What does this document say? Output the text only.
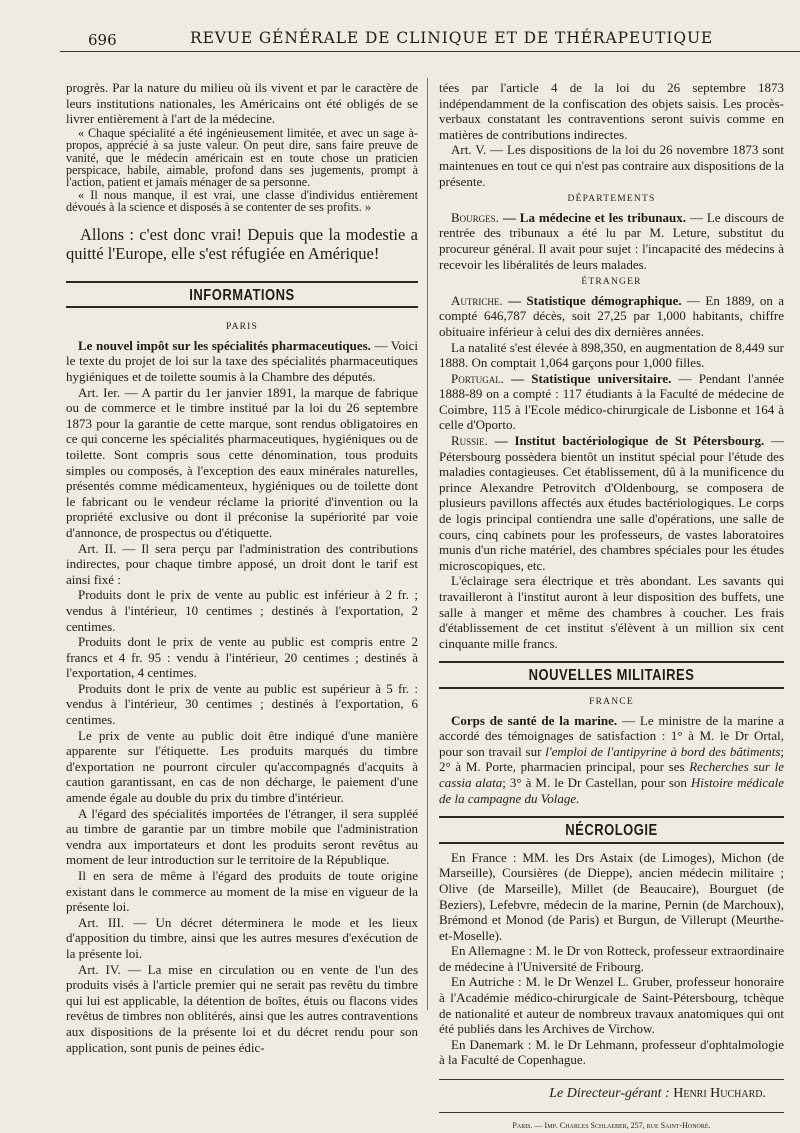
696	REVUE GÉNÉRALE DE CLINIQUE ET DE THÉRAPEUTIQUE

progrès. Par la nature du milieu où ils vivent et par le caractère de leurs institutions nationales, les Américains ont été obligés de se livrer entièrement à l'art de la médecine.

« Chaque spécialité a été ingénieusement limitée, et avec un sage à-propos, apprécié à sa juste valeur. On peut dire, sans faire preuve de vanité, que le médecin américain est en toute chose un praticien perspicace, habile, aimable, profond dans ses jugements, prompt à l'action, patient et jamais ménager de sa personne.

« Il nous manque, il est vrai, une classe d'individus entièrement dévoués à la science et disposés à se contenter de ses profits. »

Allons : c'est donc vrai! Depuis que la modestie a quitté l'Europe, elle s'est réfugiée en Amérique!

INFORMATIONS

PARIS

Le nouvel impôt sur les spécialités pharmaceutiques. — Voici le texte du projet de loi sur la taxe des spécialités pharmaceutiques hygiéniques et de toilette soumis à la Chambre des députés.

Art. Ier. — A partir du 1er janvier 1891, la marque de fabrique ou de commerce et le timbre institué par la loi du 26 septembre 1873 pour la garantie de cette marque, sont rendus obligatoires en ce qui concerne les spécialités pharmaceutiques, hygiéniques ou de toilette. Sont compris sous cette dénomination, tous produits simples ou composés, à l'exception des eaux minérales naturelles, présentés comme médicamenteux, hygiéniques ou de toilette dont le fabricant ou le vendeur réclame la priorité d'invention ou la propriété exclusive ou dont il préconise la supériorité par voie d'annonce, de prospectus ou d'étiquette.

Art. II. — Il sera perçu par l'administration des contributions indirectes, pour chaque timbre apposé, un droit dont le tarif est ainsi fixé :

Produits dont le prix de vente au public est inférieur à 2 fr. ; vendus à l'intérieur, 10 centimes ; destinés à l'exportation, 2 centimes.

Produits dont le prix de vente au public est compris entre 2 francs et 4 fr. 95 : vendu à l'intérieur, 20 centimes ; destinés à l'exportation, 4 centimes.

Produits dont le prix de vente au public est supérieur à 5 fr. : vendus à l'intérieur, 30 centimes ; destinés à l'exportation, 6 centimes.

Le prix de vente au public doit être indiqué d'une manière apparente sur l'étiquette. Les produits marqués du timbre d'exportation ne pourront circuler qu'accompagnés d'acquits à caution garantissant, en cas de non décharge, le paiement d'une amende égale au double du prix du timbre d'intérieur.

A l'égard des spécialités importées de l'étranger, il sera suppléé au timbre de garantie par un timbre mobile que l'administration vendra aux importateurs et dont les produits seront revêtus au moment de leur introduction sur le territoire de la République.

Il en sera de même à l'égard des produits de toute origine existant dans le commerce au moment de la mise en vigueur de la présente loi.

Art. III. — Un décret déterminera le mode et les lieux d'apposition du timbre, ainsi que les autres mesures d'exécution de la présente loi.

Art. IV. — La mise en circulation ou en vente de l'un des produits visés à l'article premier qui ne serait pas revêtu du timbre qui lui est applicable, la détention de boîtes, étuis ou flacons vides revêtus de timbres non oblitérés, ainsi que les autres contraventions aux dispositions de la présente loi et du décret rendu pour son application, sont punis de peines édic-

tées par l'article 4 de la loi du 26 septembre 1873 indépendamment de la confiscation des objets saisis. Les procès-verbaux constatant les contraventions seront suivis comme en matières de contributions indirectes.

Art. V. — Les dispositions de la loi du 26 novembre 1873 sont maintenues en tout ce qui n'est pas contraire aux dispositions de la présente.

DÉPARTEMENTS

Bourges. — La médecine et les tribunaux. — Le discours de rentrée des tribunaux a été lu par M. Leture, substitut du procureur général. Il avait pour sujet : l'incapacité des médecins à recevoir les libéralités de leurs malades.

ÉTRANGER

Autriche. — Statistique démographique. — En 1889, on a compté 646,787 décès, soit 27,25 par 1,000 habitants, chiffre obituaire inférieur à celui des dix dernières années.

La natalité s'est élevée à 898,350, en augmentation de 8,449 sur 1888. On comptait 1,064 garçons pour 1,000 filles.

Portugal. — Statistique universitaire. — Pendant l'année 1888-89 on a compté : 117 étudiants à la Faculté de médecine de Coimbre, 115 à l'Ecole médico-chirurgicale de Lisbonne et 164 à celle d'Oporto.

Russie. — Institut bactériologique de St Pétersbourg. — Pétersbourg possèdera bientôt un institut spécial pour l'étude des maladies contagieuses. Cet établissement, dû à la munificence du prince Alexandre Petrovitch d'Oldenbourg, se composera de plusieurs pavillons affectés aux études bactériologiques. Le corps de logis principal contiendra une salle d'opérations, une salle de cours, cinq cabinets pour les professeurs, de vastes laboratoires munis d'un riche matériel, des chambres spéciales pour les études microscopiques, etc.

L'éclairage sera électrique et très abondant. Les savants qui travailleront à l'institut auront à leur disposition des buffets, une salle à manger et même des chambres à coucher. Les frais d'établissement de cet institut s'élèvent à un million six cent cinquante mille francs.

NOUVELLES MILITAIRES

FRANCE

Corps de santé de la marine. — Le ministre de la marine a accordé des témoignages de satisfaction : 1° à M. le Dr Ortal, pour son travail sur l'emploi de l'antipyrine à bord des bâtiments; 2° à M. Porte, pharmacien principal, pour ses Recherches sur le cassia alata; 3° à M. le Dr Castellan, pour son Histoire médicale de la campagne du Volage.

NÉCROLOGIE

En France : MM. les Drs Astaix (de Limoges), Michon (de Marseille), Coursières (de Dieppe), ancien médecin militaire ; Olive (de Marseille), Millet (de Beaucaire), Bourguet (de Beziers), Lefebvre, médecin de la marine, Pernin (de Marchoux), Brémond et Monod (de Paris) et Burgun, de Villerupt (Meurthe-et-Moselle).

En Allemagne : M. le Dr von Rotteck, professeur extraordinaire de médecine à l'Université de Fribourg.

En Autriche : M. le Dr Wenzel L. Gruber, professeur honoraire à l'Académie médico-chirurgicale de Saint-Pétersbourg, tchèque de nationalité et auteur de nombreux travaux anatomiques qui ont été publiés dans les Archives de Virchow.

En Danemark : M. le Dr Lehmann, professeur d'ophtalmologie à la Faculté de Copenhague.

Le Directeur-gérant : Henri Huchard.

Paris. — Imp. Charles Schlaeber, 257, rue Saint-Honoré.
